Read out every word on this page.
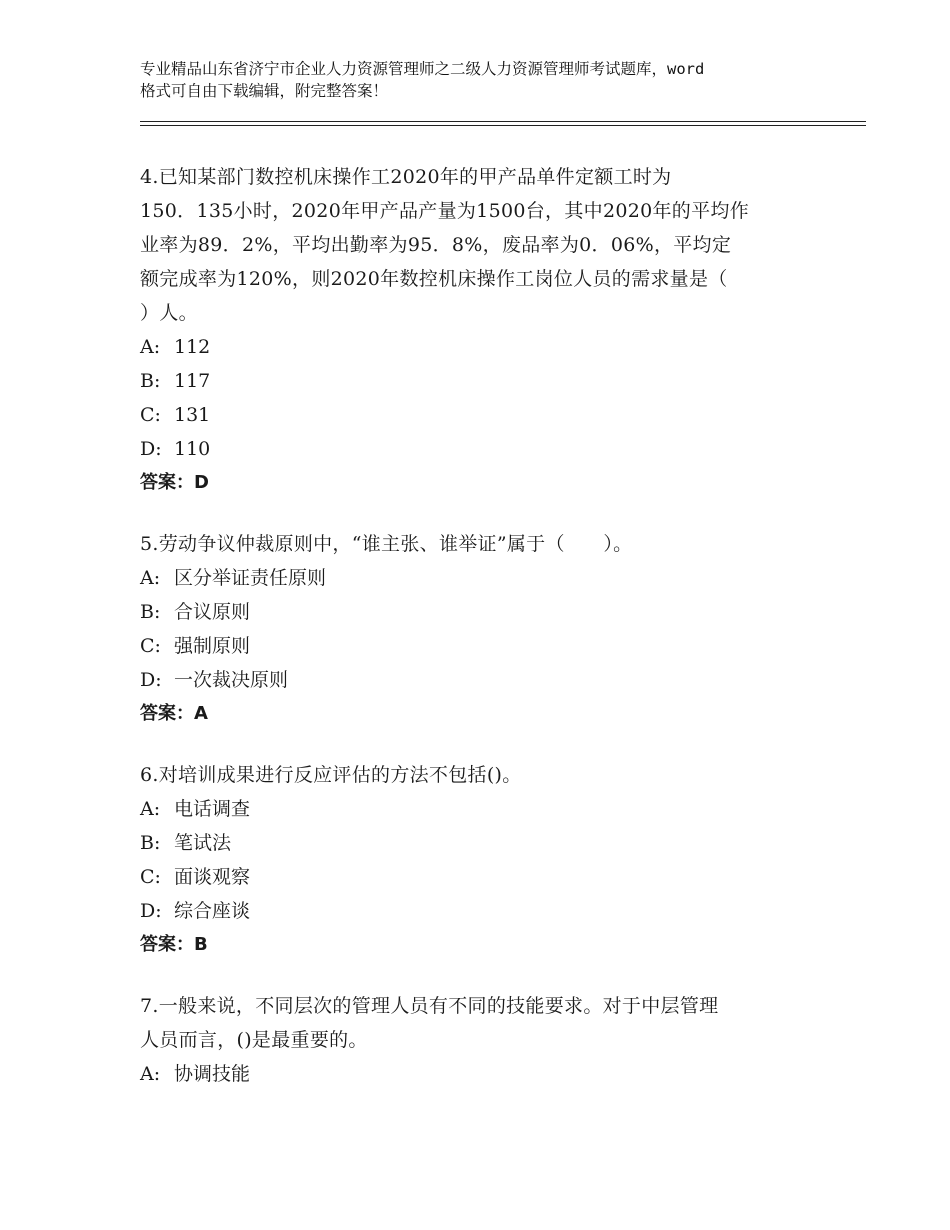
专业精品山东省济宁市企业人力资源管理师之二级人力资源管理师考试题库，word
格式可自由下载编辑，附完整答案！
4.已知某部门数控机床操作工2020年的甲产品单件定额工时为
150．135小时，2020年甲产品产量为1500台，其中2020年的平均作
业率为89．2%，平均出勤率为95．8%，废品率为0．06%，平均定
额完成率为120%，则2020年数控机床操作工岗位人员的需求量是（
）人。
A: 112
B: 117
C: 131
D: 110
答案：D
5.劳动争议仲裁原则中，“谁主张、谁举证”属于（　　）。
A: 区分举证责任原则
B: 合议原则
C: 强制原则
D: 一次裁决原则
答案：A
6.对培训成果进行反应评估的方法不包括()。
A: 电话调查
B: 笔试法
C: 面谈观察
D: 综合座谈
答案：B
7.一般来说，不同层次的管理人员有不同的技能要求。对于中层管理
人员而言，()是最重要的。
A: 协调技能
